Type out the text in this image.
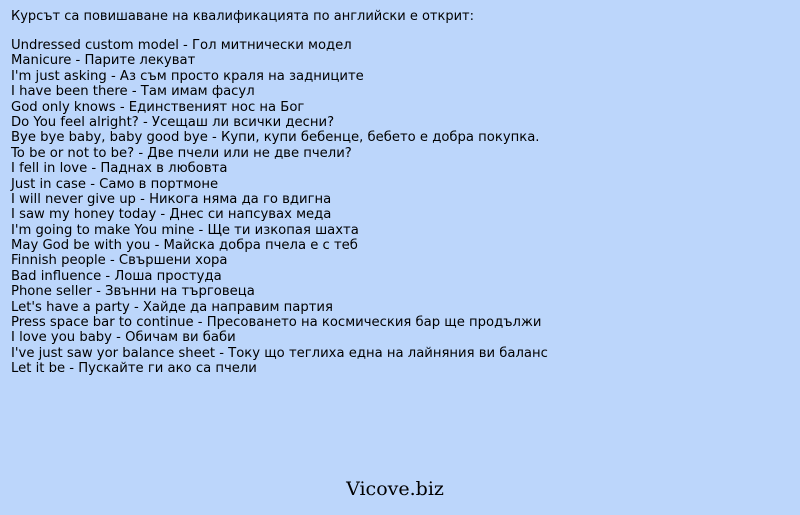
Курсът са повишаване на квалификацията по английски е открит:
Undressed custom model - Гол митнически модел
Manicure - Парите лекуват
I'm just asking - Аз съм просто краля на задниците
I have been there - Там имам фасул
God only knows - Единственият нос на Бог
Do You feel alright? - Усещаш ли всички десни?
Bye bye baby, baby good bye - Купи, купи бебенце, бебето е добра покупка.
To be or not to be? - Две пчели или не две пчели?
I fell in love - Паднах в любовта
Just in case - Само в портмоне
I will never give up - Никога няма да го вдигна
I saw my honey today - Днес си напсувах меда
I'm going to make You mine - Ще ти изкопая шахта
May God be with you - Майска добра пчела е с теб
Finnish people - Свършени хора
Bad influence - Лоша простуда
Phone seller - Звънни на търговеца
Let's have a party - Хайде да направим партия
Press space bar to continue - Пресоването на космическия бар ще продължи
I love you baby - Обичам ви баби
I've just saw yor balance sheet - Току що теглиха една на лайняния ви баланс
Let it be - Пускайте ги ако са пчели
Vicove.biz
